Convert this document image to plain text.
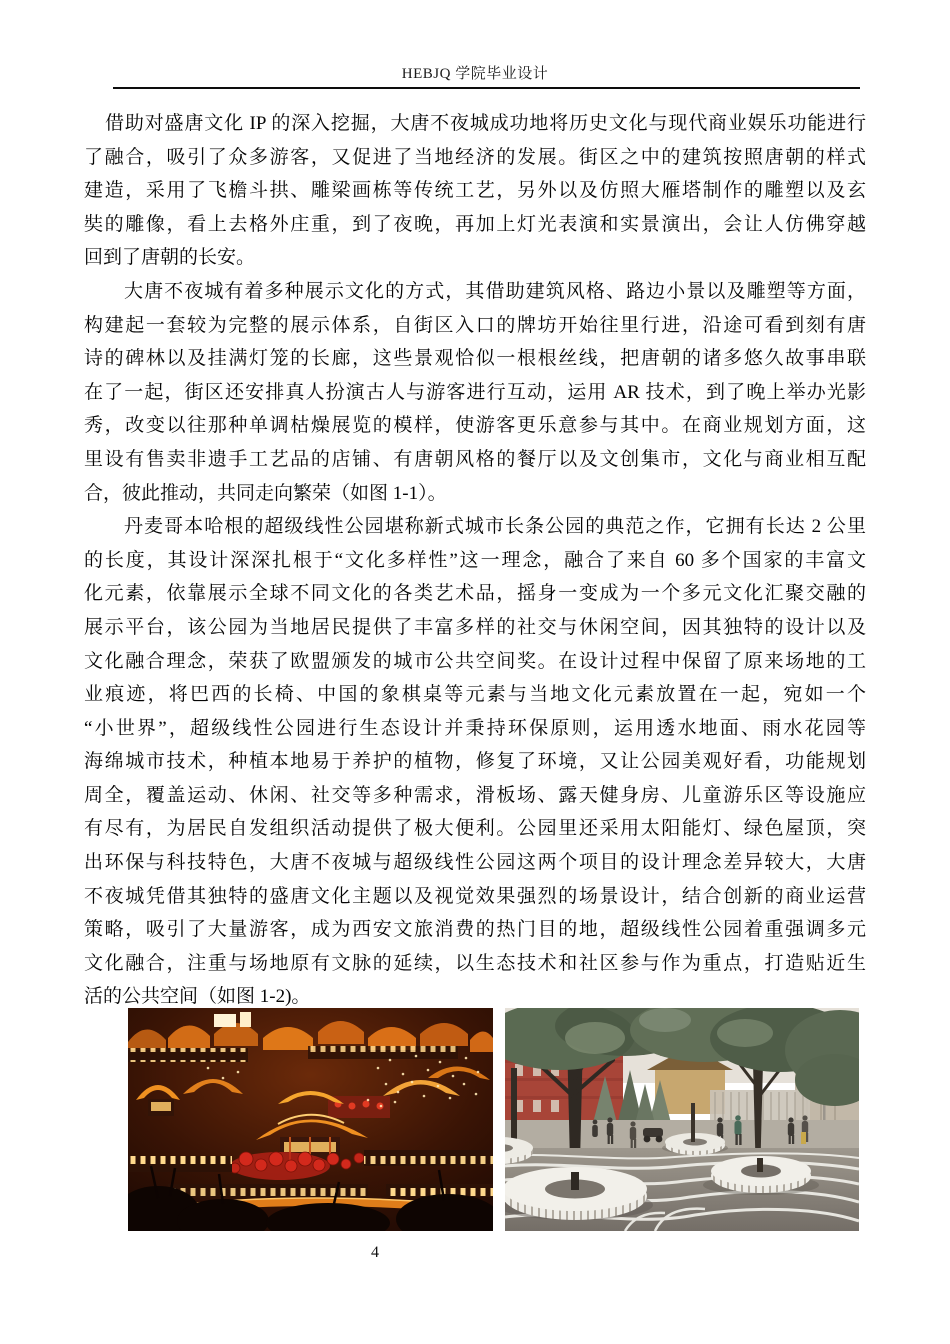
HEBJQ 学院毕业设计
借助对盛唐文化 IP 的深入挖掘，大唐不夜城成功地将历史文化与现代商业娱乐功能进行
了融合，吸引了众多游客，又促进了当地经济的发展。街区之中的建筑按照唐朝的样式
建造，采用了飞檐斗拱、雕梁画栋等传统工艺，另外以及仿照大雁塔制作的雕塑以及玄
奘的雕像，看上去格外庄重，到了夜晚，再加上灯光表演和实景演出，会让人仿佛穿越
回到了唐朝的长安。
大唐不夜城有着多种展示文化的方式，其借助建筑风格、路边小景以及雕塑等方面，
构建起一套较为完整的展示体系，自街区入口的牌坊开始往里行进，沿途可看到刻有唐
诗的碑林以及挂满灯笼的长廊，这些景观恰似一根根丝线，把唐朝的诸多悠久故事串联
在了一起，街区还安排真人扮演古人与游客进行互动，运用 AR 技术，到了晚上举办光影
秀，改变以往那种单调枯燥展览的模样，使游客更乐意参与其中。在商业规划方面，这
里设有售卖非遗手工艺品的店铺、有唐朝风格的餐厅以及文创集市，文化与商业相互配
合，彼此推动，共同走向繁荣（如图 1-1）。
丹麦哥本哈根的超级线性公园堪称新式城市长条公园的典范之作，它拥有长达 2 公里
的长度，其设计深深扎根于“文化多样性”这一理念，融合了来自 60 多个国家的丰富文
化元素，依靠展示全球不同文化的各类艺术品，摇身一变成为一个多元文化汇聚交融的
展示平台，该公园为当地居民提供了丰富多样的社交与休闲空间，因其独特的设计以及
文化融合理念，荣获了欧盟颁发的城市公共空间奖。在设计过程中保留了原来场地的工
业痕迹，将巴西的长椅、中国的象棋桌等元素与当地文化元素放置在一起，宛如一个
“小世界”，超级线性公园进行生态设计并秉持环保原则，运用透水地面、雨水花园等
海绵城市技术，种植本地易于养护的植物，修复了环境，又让公园美观好看，功能规划
周全，覆盖运动、休闲、社交等多种需求，滑板场、露天健身房、儿童游乐区等设施应
有尽有，为居民自发组织活动提供了极大便利。公园里还采用太阳能灯、绿色屋顶，突
出环保与科技特色，大唐不夜城与超级线性公园这两个项目的设计理念差异较大，大唐
不夜城凭借其独特的盛唐文化主题以及视觉效果强烈的场景设计，结合创新的商业运营
策略，吸引了大量游客，成为西安文旅消费的热门目的地，超级线性公园着重强调多元
文化融合，注重与场地原有文脉的延续，以生态技术和社区参与作为重点，打造贴近生
活的公共空间（如图 1-2)。
4
